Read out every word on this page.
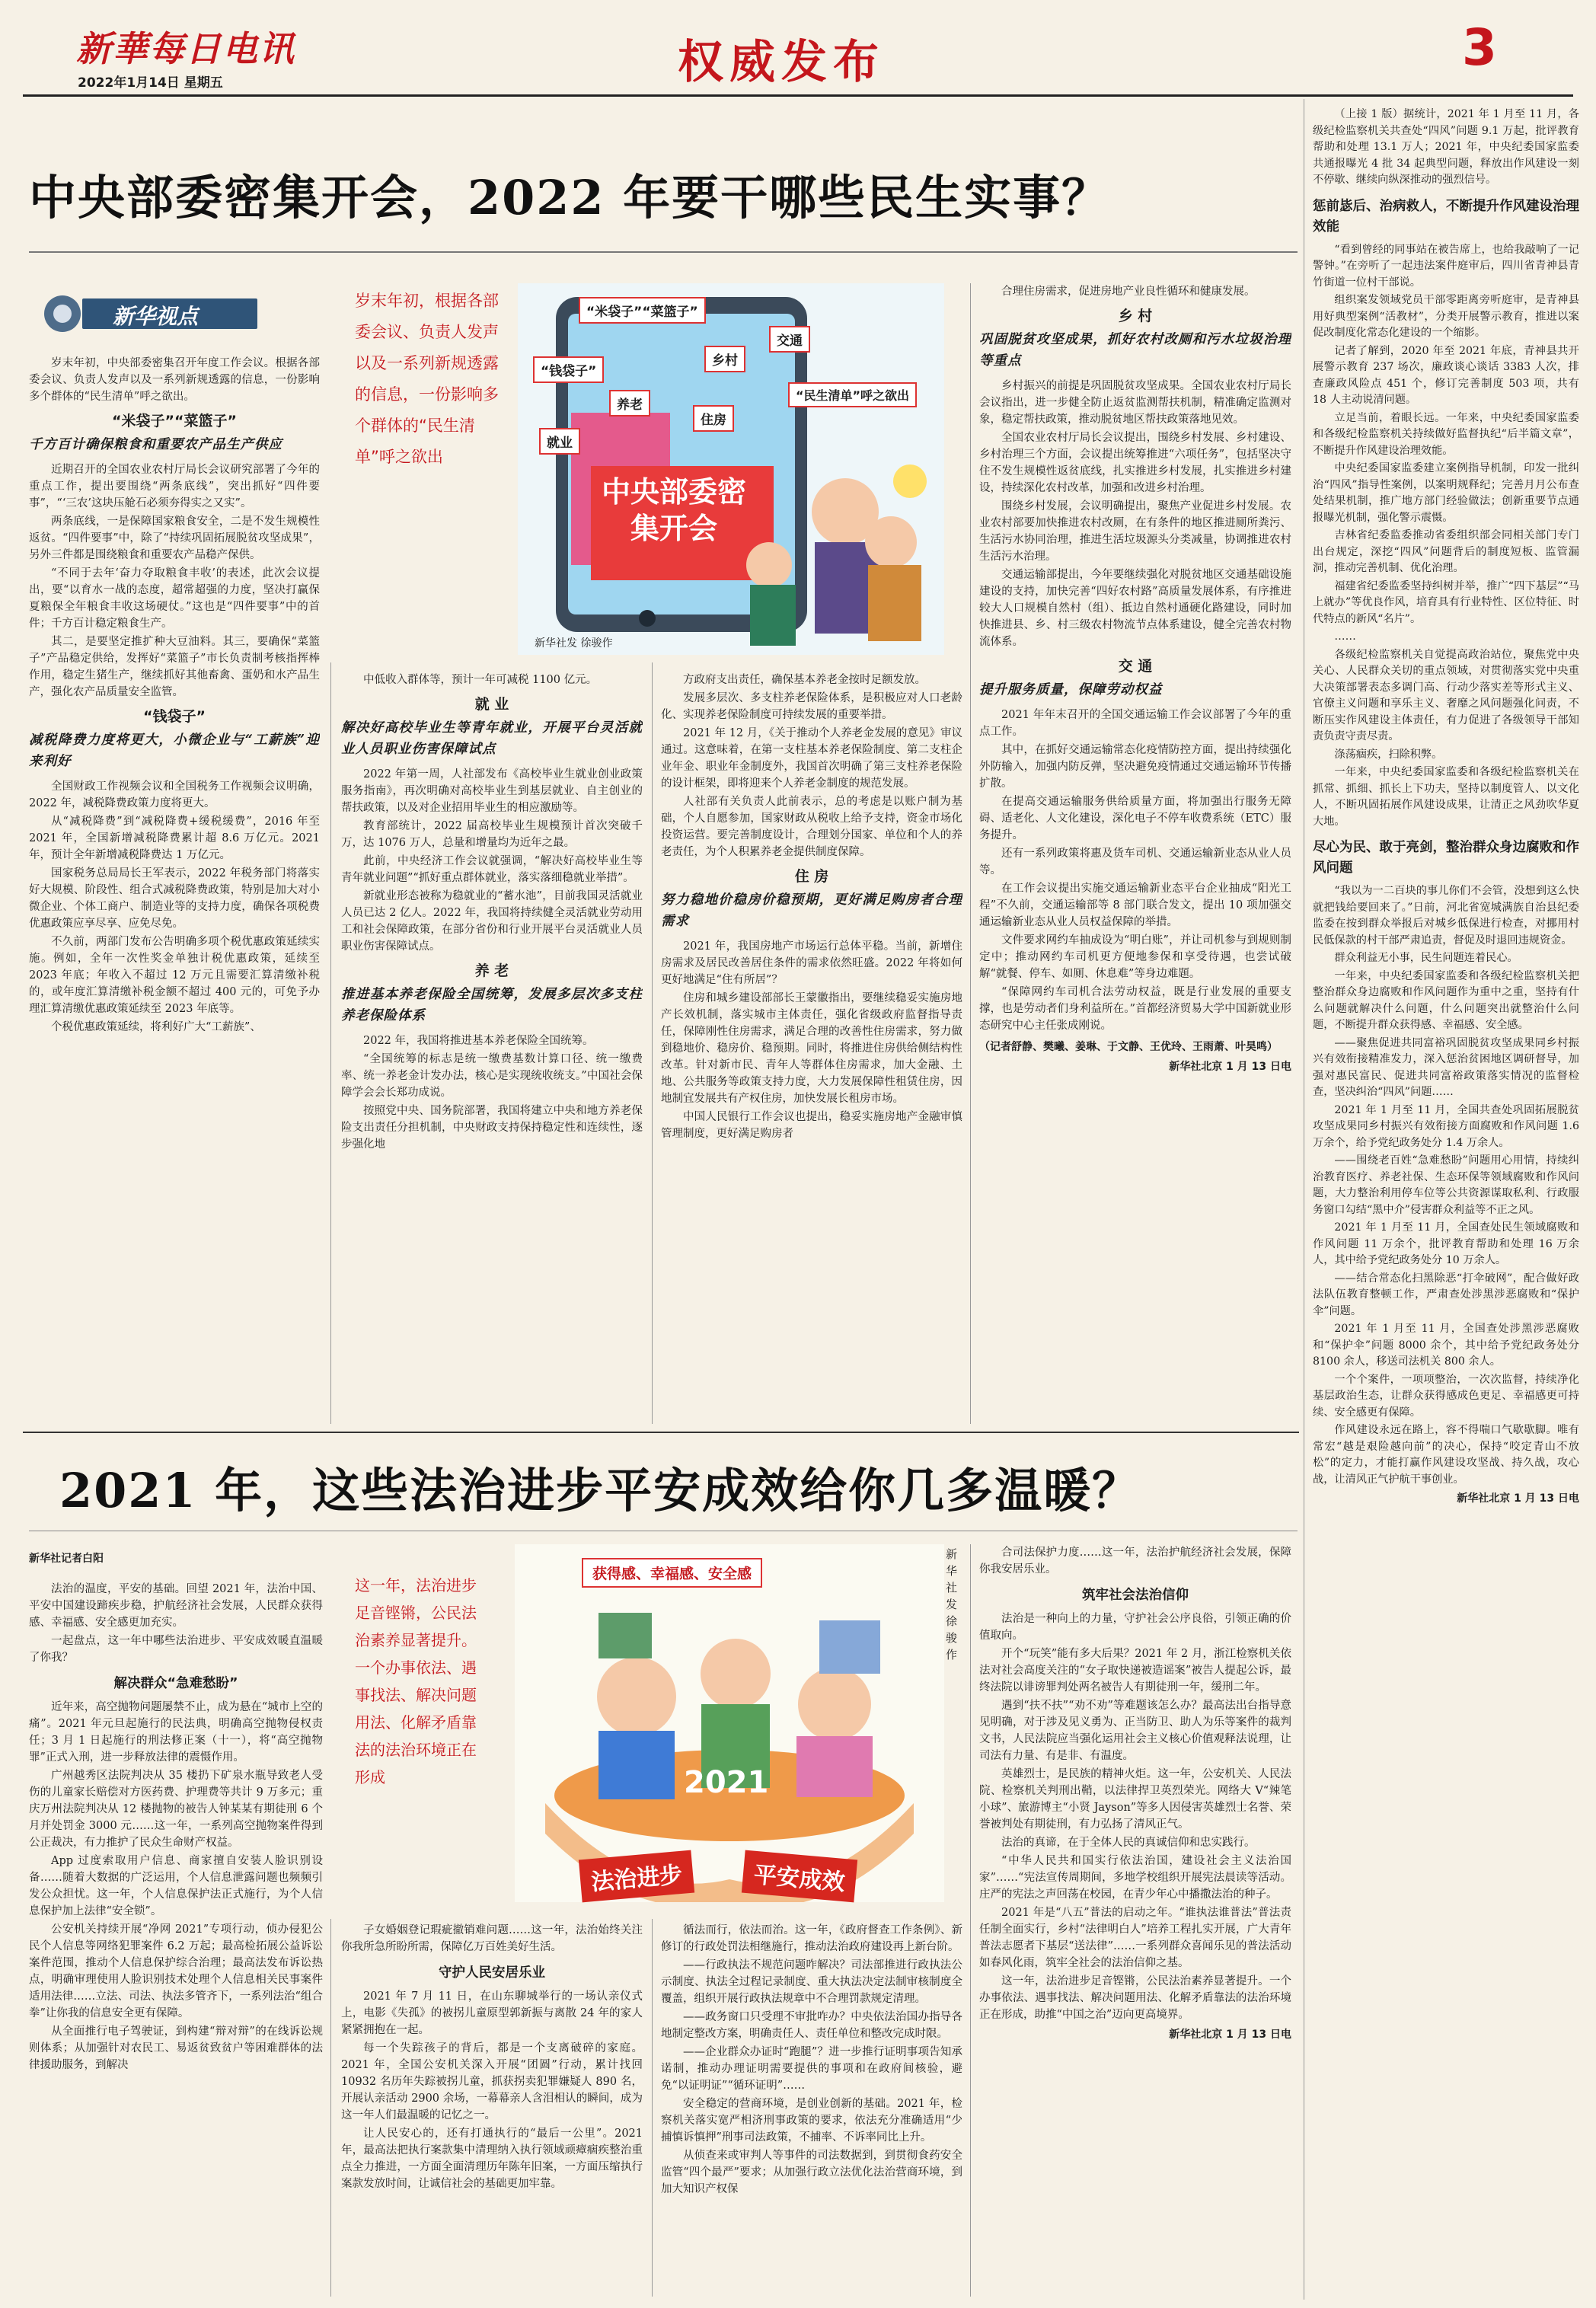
新華每日电讯
2022年1月14日 星期五	权威发布	3
中央部委密集开会，2022 年要干哪些民生实事？
新华视点

岁末年初，中央部委密集召开年度工作会议。根据各部委会议、负责人发声以及一系列新规透露的信息，一份影响多个群体的“民生清单”呼之欲出。

“米袋子”“菜篮子”
千方百计确保粮食和重要农产品生产供应

近期召开的全国农业农村厅局长会议研究部署了今年的重点工作，提出要围绕“两条底线”，突出抓好“四件要事”，“‘三农’这块压舱石必须夯得实之又实”。

两条底线，一是保障国家粮食安全，二是不发生规模性返贫。“四件要事”中，除了“持续巩固拓展脱贫攻坚成果”，另外三件都是围绕粮食和重要农产品稳产保供。

“不同于去年‘奋力夺取粮食丰收’的表述，此次会议提出，要“以育水一战的态度，超常超强的力度，坚决打赢保夏粮保全年粮食丰收这场硬仗。”这也是“四件要事”中的首件；千方百计稳定粮食生产。

其二，是要坚定推扩种大豆油料。其三，要确保“菜篮子”产品稳定供给，发挥好“菜篮子”市长负责制考核指挥棒作用，稳定生猪生产，继续抓好其他畜禽、蛋奶和水产品生产，强化农产品质量安全监管。

“钱袋子”
减税降费力度将更大，小微企业与“工薪族”迎来利好

全国财政工作视频会议和全国税务工作视频会议明确，2022 年，减税降费政策力度将更大。

从“减税降费”到“减税降费+缓税缓费”，2016 年至 2021 年，全国新增减税降费累计超 8.6 万亿元。2021 年，预计全年新增减税降费达 1 万亿元。

国家税务总局局长王军表示，2022 年税务部门将落实好大规模、阶段性、组合式减税降费政策，特别是加大对小微企业、个体工商户、制造业等的支持力度，确保各项税费优惠政策应享尽享、应免尽免。

不久前，两部门发布公告明确多项个税优惠政策延续实施。例如，全年一次性奖金单独计税优惠政策，延续至 2023 年底；年收入不超过 12 万元且需要汇算清缴补税的，或年度汇算清缴补税金额不超过 400 元的，可免予办理汇算清缴优惠政策延续至 2023 年底等。

个税优惠政策延续，将利好广大“工薪族”、

岁末年初，根据各部委会议、负责人发声以及一系列新规透露的信息，一份影响多个群体的“民生清单”呼之欲出
“米袋子”“菜篮子”
“钱袋子”
乡村
交通
养老
住房
就业
“民生清单”呼之欲出
中央部委密集开会
新华社发 徐骏作

中低收入群体等，预计一年可减税 1100 亿元。

就 业
解决好高校毕业生等青年就业，开展平台灵活就业人员职业伤害保障试点

2022 年第一周，人社部发布《高校毕业生就业创业政策服务指南》，再次明确对高校毕业生到基层就业、自主创业的帮扶政策，以及对企业招用毕业生的相应激励等。

教育部统计，2022 届高校毕业生规模预计首次突破千万，达 1076 万人，总量和增量均为近年之最。

此前，中央经济工作会议就强调，“解决好高校毕业生等青年就业问题”“抓好重点群体就业，落实落细稳就业举措”。

新就业形态被称为稳就业的“蓄水池”，目前我国灵活就业人员已达 2 亿人。2022 年，我国将持续健全灵活就业劳动用工和社会保障政策，在部分省份和行业开展平台灵活就业人员职业伤害保障试点。

养 老
推进基本养老保险全国统筹，发展多层次多支柱养老保险体系

2022 年，我国将推进基本养老保险全国统筹。

“全国统筹的标志是统一缴费基数计算口径、统一缴费率、统一养老金计发办法，核心是实现统收统支。”中国社会保障学会会长郑功成说。

按照党中央、国务院部署，我国将建立中央和地方养老保险支出责任分担机制，中央财政支持保持稳定性和连续性，逐步强化地

方政府支出责任，确保基本养老金按时足额发放。

发展多层次、多支柱养老保险体系，是积极应对人口老龄化、实现养老保险制度可持续发展的重要举措。

2021 年 12 月，《关于推动个人养老金发展的意见》审议通过。这意味着，在第一支柱基本养老保险制度、第二支柱企业年金、职业年金制度外，我国首次明确了第三支柱养老保险的设计框架，即将迎来个人养老金制度的规范发展。

人社部有关负责人此前表示，总的考虑是以账户制为基础，个人自愿参加，国家财政从税收上给予支持，资金市场化投资运营。要完善制度设计，合理划分国家、单位和个人的养老责任，为个人积累养老金提供制度保障。

住 房
努力稳地价稳房价稳预期，更好满足购房者合理需求

2021 年，我国房地产市场运行总体平稳。当前，新增住房需求及居民改善居住条件的需求依然旺盛。2022 年将如何更好地满足“住有所居”？

住房和城乡建设部部长王蒙徽指出，要继续稳妥实施房地产长效机制，落实城市主体责任，强化省级政府监督指导责任，保障刚性住房需求，满足合理的改善性住房需求，努力做到稳地价、稳房价、稳预期。同时，将推进住房供给侧结构性改革。针对新市民、青年人等群体住房需求，加大金融、土地、公共服务等政策支持力度，大力发展保障性租赁住房，因地制宜发展共有产权住房，加快发展长租房市场。

中国人民银行工作会议也提出，稳妥实施房地产金融审慎管理制度，更好满足购房者

合理住房需求，促进房地产业良性循环和健康发展。

乡 村
巩固脱贫攻坚成果，抓好农村改厕和污水垃圾治理等重点

乡村振兴的前提是巩固脱贫攻坚成果。全国农业农村厅局长会议指出，进一步健全防止返贫监测帮扶机制，精准确定监测对象，稳定帮扶政策，推动脱贫地区帮扶政策落地见效。

全国农业农村厅局长会议提出，围绕乡村发展、乡村建设、乡村治理三个方面，会议提出统筹推进“六项任务”，包括坚决守住不发生规模性返贫底线，扎实推进乡村发展，扎实推进乡村建设，持续深化农村改革，加强和改进乡村治理。

围绕乡村发展，会议明确提出，聚焦产业促进乡村发展。农业农村部要加快推进农村改厕，在有条件的地区推进厕所粪污、生活污水协同治理，推进生活垃圾源头分类减量，协调推进农村生活污水治理。

交通运输部提出，今年要继续强化对脱贫地区交通基础设施建设的支持，加快完善“四好农村路”高质量发展体系，有序推进较大人口规模自然村（组）、抵边自然村通硬化路建设，同时加快推进县、乡、村三级农村物流节点体系建设，健全完善农村物流体系。

交 通
提升服务质量，保障劳动权益

2021 年年末召开的全国交通运输工作会议部署了今年的重点工作。

其中，在抓好交通运输常态化疫情防控方面，提出持续强化外防输入，加强内防反弹，坚决避免疫情通过交通运输环节传播扩散。

在提高交通运输服务供给质量方面，将加强出行服务无障碍、适老化、人文化建设，深化电子不停车收费系统（ETC）服务提升。

还有一系列政策将惠及货车司机、交通运输新业态从业人员等。

在工作会议提出实施交通运输新业态平台企业抽成“阳光工程”不久前，交通运输部等 8 部门联合发文，提出 10 项加强交通运输新业态从业人员权益保障的举措。

文件要求网约车抽成设为“明白账”，并让司机参与到规则制定中；推动网约车司机更方便地参保和享受待遇，也尝试破解“就餐、停车、如厕、休息难”等身边难题。

“保障网约车司机合法劳动权益，既是行业发展的重要支撑，也是劳动者们身利益所在。”首都经济贸易大学中国新就业形态研究中心主任张成刚说。

（记者舒静、樊曦、姜琳、于文静、王优玲、王雨萧、叶昊鸣）
新华社北京 1 月 13 日电
2021 年，这些法治进步平安成效给你几多温暖？
新华社记者白阳

法治的温度，平安的基础。回望 2021 年，法治中国、平安中国建设蹄疾步稳，护航经济社会发展，人民群众获得感、幸福感、安全感更加充实。

一起盘点，这一年中哪些法治进步、平安成效暖直温暖了你我？

解决群众“急难愁盼”

近年来，高空抛物问题屡禁不止，成为悬在“城市上空的痛”。2021 年元旦起施行的民法典，明确高空抛物侵权责任；3 月 1 日起施行的刑法修正案（十一），将“高空抛物罪”正式入刑，进一步释放法律的震慑作用。

广州越秀区法院判决从 35 楼扔下矿泉水瓶导致老人受伤的儿童家长赔偿对方医药费、护理费等共计 9 万多元；重庆万州法院判决从 12 楼抛物的被告人钟某某有期徒刑 6 个月并处罚金 3000 元……这一年，一系列高空抛物案件得到公正裁决，有力推护了民众生命财产权益。

App 过度索取用户信息、商家擅自安装人脸识别设备……随着大数据的广泛运用，个人信息泄露问题也频频引发公众担忧。这一年，个人信息保护法正式施行，为个人信息保护加上法律“安全锁”。

公安机关持续开展“净网 2021”专项行动，侦办侵犯公民个人信息等网络犯罪案件 6.2 万起；最高检拓展公益诉讼案件范围，推动个人信息保护综合治理；最高法发布诉讼热点，明确审理使用人脸识别技术处理个人信息相关民事案件适用法律……立法、司法、执法多管齐下，一系列法治“组合拳”让你我的信息安全更有保障。

从全面推行电子驾驶证，到构建“辩对辩”的在线诉讼规则体系；从加强针对农民工、易返贫致贫户等困难群体的法律援助服务，到解决

这一年，法治进步足音铿锵，公民法治素养显著提升。一个办事依法、遇事找法、解决问题用法、化解矛盾靠法的法治环境正在形成
获得感、幸福感、安全感
2021
法治进步	平安成效
新华社发 徐骏作

子女婚姻登记瑕疵撤销难问题……这一年，法治始终关注你我所急所盼所需，保障亿万百姓美好生活。

守护人民安居乐业

2021 年 7 月 11 日，在山东聊城举行的一场认亲仪式上，电影《失孤》的被拐儿童原型郭新振与离散 24 年的家人紧紧拥抱在一起。

每一个失踪孩子的背后，都是一个支离破碎的家庭。2021 年，全国公安机关深入开展“团圆”行动，累计找回 10932 名历年失踪被拐儿童，抓获拐卖犯罪嫌疑人 890 名，开展认亲活动 2900 余场，一幕幕亲人含泪相认的瞬间，成为这一年人们最温暖的记忆之一。

让人民安心的，还有打通执行的“最后一公里”。2021 年，最高法把执行案款集中清理纳入执行领域顽瘴痼疾整治重点全力推进，一方面全面清理历年陈年旧案，一方面压缩执行案款发放时间，让诚信社会的基础更加牢靠。

循法而行，依法而治。这一年，《政府督查工作条例》、新修订的行政处罚法相继施行，推动法治政府建设再上新台阶。

——行政执法不规范问题咋解决？司法部推进行政执法公示制度、执法全过程记录制度、重大执法决定法制审核制度全覆盖，组织开展行政执法规章中不合理罚款规定清理。

——政务窗口只受理不审批咋办？中央依法治国办指导各地制定整改方案，明确责任人、责任单位和整改完成时限。

——企业群众办证时“跑腿”？进一步推行证明事项告知承诺制，推动办理证明需要提供的事项和在政府间核验，避免“以证明证”“循环证明”……

安全稳定的营商环境，是创业创新的基础。2021 年，检察机关落实宽严相济刑事政策的要求，依法充分准确适用“少捕慎诉慎押”刑事司法政策，不捕率、不诉率同比上升。

从侦查来或审判人等事件的司法数据到，到贯彻食药安全监管“四个最严”要求；从加强行政立法优化法治营商环境，到加大知识产权保

合司法保护力度……这一年，法治护航经济社会发展，保障你我安居乐业。

筑牢社会法治信仰

法治是一种向上的力量，守护社会公序良俗，引领正确的价值取向。

开个“玩笑”能有多大后果？2021 年 2 月，浙江检察机关依法对社会高度关注的“女子取快递被造谣案”被告人提起公诉，最终法院以诽谤罪判处两名被告人有期徒刑一年，缓刑二年。

遇到“扶不扶”“劝不劝”等难题该怎么办？最高法出台指导意见明确，对于涉及见义勇为、正当防卫、助人为乐等案件的裁判文书，人民法院应当强化运用社会主义核心价值观释法说理，让司法有力量、有是非、有温度。

英雄烈士，是民族的精神火炬。这一年，公安机关、人民法院、检察机关判刑出鞘，以法律捍卫英烈荣光。网络大 V“辣笔小球”、旅游博主“小贤 Jayson”等多人因侵害英雄烈士名誉、荣誉被判处有期徒刑，有力弘扬了清风正气。

法治的真谛，在于全体人民的真诚信仰和忠实践行。

“中华人民共和国实行依法治国，建设社会主义法治国家”……“宪法宣传周期间，多地学校组织开展宪法晨读等活动。庄严的宪法之声回荡在校园，在青少年心中播撒法治的种子。

2021 年是“八五”普法的启动之年。“谁执法谁普法”普法责任制全面实行，乡村“法律明白人”培养工程扎实开展，广大青年普法志愿者下基层“送法律”……一系列群众喜闻乐见的普法活动如春风化雨，筑牢全社会的法治信仰之基。

这一年，法治进步足音铿锵，公民法治素养显著提升。一个办事依法、遇事找法、解决问题用法、化解矛盾靠法的法治环境正在形成，助推“中国之治”迈向更高境界。

新华社北京 1 月 13 日电

（上接 1 版）据统计，2021 年 1 月至 11 月，各级纪检监察机关共查处“四风”问题 9.1 万起，批评教育帮助和处理 13.1 万人；2021 年，中央纪委国家监委共通报曝光 4 批 34 起典型问题，释放出作风建设一刻不停歇、继续向纵深推动的强烈信号。

惩前毖后、治病救人，不断提升作风建设治理效能

“看到曾经的同事站在被告席上，也给我敲响了一记警钟。”在旁听了一起违法案件庭审后，四川省青神县青竹街道一位村干部说。

组织案发领域党员干部零距离旁听庭审，是青神县用好典型案例“活教材”，分类开展警示教育，推进以案促改制度化常态化建设的一个缩影。

记者了解到，2020 年至 2021 年底，青神县共开展警示教育 237 场次，廉政谈心谈话 3383 人次，排查廉政风险点 451 个，修订完善制度 503 项，共有 18 人主动说清问题。

立足当前，着眼长远。一年来，中央纪委国家监委和各级纪检监察机关持续做好监督执纪“后半篇文章”，不断提升作风建设治理效能。

中央纪委国家监委建立案例指导机制，印发一批纠治“四风”指导性案例，以案明规释纪；完善月月公布查处结果机制，推广地方部门经验做法；创新重要节点通报曝光机制，强化警示震慑。

吉林省纪委监委推动省委组织部会同相关部门专门出台规定，深挖“四风”问题背后的制度短板、监管漏洞，推动完善机制、优化治理。

福建省纪委监委坚持纠树并举，推广“四下基层”“马上就办”等优良作风，培育具有行业特性、区位特征、时代特点的新风“名片”。

……

各级纪检监察机关自觉提高政治站位，聚焦党中央关心、人民群众关切的重点领域，对贯彻落实党中央重大决策部署表态多调门高、行动少落实差等形式主义、官僚主义问题和享乐主义、奢靡之风问题强化问责，不断压实作风建设主体责任，有力促进了各级领导干部知责负责守责尽责。

涤荡痼疾，扫除积弊。

一年来，中央纪委国家监委和各级纪检监察机关在抓常、抓细、抓长上下功夫，坚持以制度管人、以文化人，不断巩固拓展作风建设成果，让清正之风劲吹华夏大地。

尽心为民、敢于亮剑，整治群众身边腐败和作风问题

“我以为一二百块的事儿你们不会管，没想到这么快就把钱给要回来了。”日前，河北省宽城满族自治县纪委监委在按到群众举报后对城乡低保进行检查，对挪用村民低保款的村干部严肃追责，督促及时退回违规资金。

群众利益无小事，民生问题连着民心。

一年来，中央纪委国家监委和各级纪检监察机关把整治群众身边腐败和作风问题作为重中之重，坚持有什么问题就解决什么问题，什么问题突出就整治什么问题，不断提升群众获得感、幸福感、安全感。

——聚焦促进共同富裕巩固脱贫攻坚成果同乡村振兴有效衔接精准发力，深入惩治贫困地区调研督导，加强对惠民富民、促进共同富裕政策落实情况的监督检查，坚决纠治“四风”问题……

2021 年 1 月至 11 月，全国共查处巩固拓展脱贫攻坚成果同乡村振兴有效衔接方面腐败和作风问题 1.6 万余个，给予党纪政务处分 1.4 万余人。

——围绕老百姓“急难愁盼”问题用心用情，持续纠治教育医疗、养老社保、生态环保等领域腐败和作风问题，大力整治利用停车位等公共资源谋取私利、行政服务窗口勾结“黑中介”侵害群众利益等不正之风。

2021 年 1 月至 11 月，全国查处民生领域腐败和作风问题 11 万余个，批评教育帮助和处理 16 万余人，其中给予党纪政务处分 10 万余人。

——结合常态化扫黑除恶“打伞破网”，配合做好政法队伍教育整顿工作，严肃查处涉黑涉恶腐败和“保护伞”问题。

2021 年 1 月至 11 月，全国查处涉黑涉恶腐败和“保护伞”问题 8000 余个，其中给予党纪政务处分 8100 余人，移送司法机关 800 余人。

一个个案件，一项项整治，一次次监督，持续净化基层政治生态，让群众获得感成色更足、幸福感更可持续、安全感更有保障。

作风建设永远在路上，容不得喘口气歇歇脚。唯有常宏“越是艰险越向前”的决心，保持“咬定青山不放松”的定力，才能打赢作风建设攻坚战、持久战，攻心战，让清风正气护航干事创业。

新华社北京 1 月 13 日电
